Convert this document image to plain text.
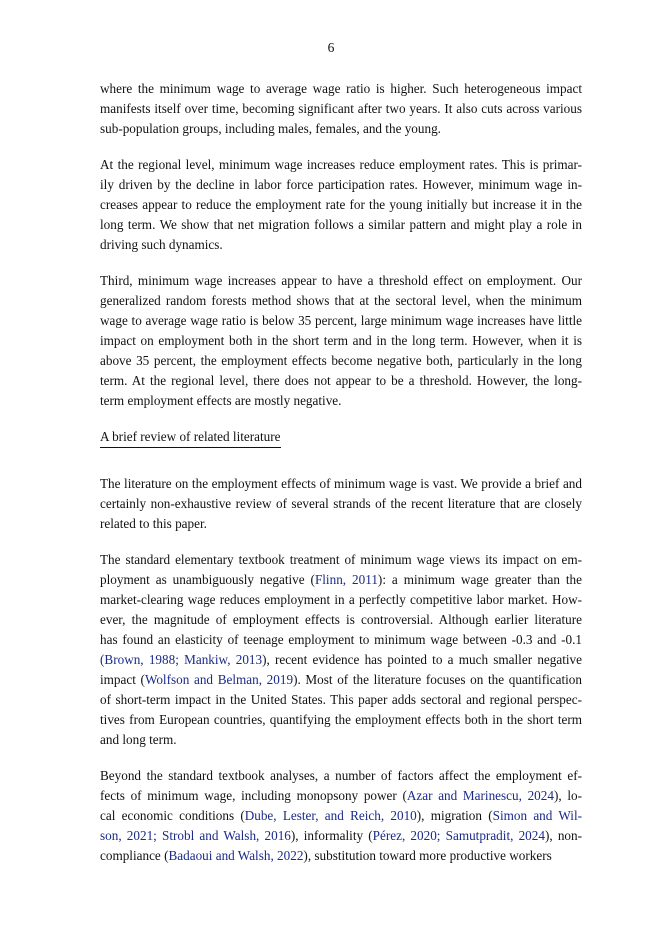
6
where the minimum wage to average wage ratio is higher. Such heterogeneous impact
manifests itself over time, becoming significant after two years. It also cuts across various
sub-population groups, including males, females, and the young.
At the regional level, minimum wage increases reduce employment rates. This is primar-
ily driven by the decline in labor force participation rates. However, minimum wage in-
creases appear to reduce the employment rate for the young initially but increase it in the
long term. We show that net migration follows a similar pattern and might play a role in
driving such dynamics.
Third, minimum wage increases appear to have a threshold effect on employment. Our
generalized random forests method shows that at the sectoral level, when the minimum
wage to average wage ratio is below 35 percent, large minimum wage increases have little
impact on employment both in the short term and in the long term. However, when it is
above 35 percent, the employment effects become negative both, particularly in the long
term. At the regional level, there does not appear to be a threshold. However, the long-
term employment effects are mostly negative.
A brief review of related literature
The literature on the employment effects of minimum wage is vast. We provide a brief and
certainly non-exhaustive review of several strands of the recent literature that are closely
related to this paper.
The standard elementary textbook treatment of minimum wage views its impact on em-
ployment as unambiguously negative (Flinn, 2011): a minimum wage greater than the
market-clearing wage reduces employment in a perfectly competitive labor market. How-
ever, the magnitude of employment effects is controversial. Although earlier literature
has found an elasticity of teenage employment to minimum wage between -0.3 and -0.1
(Brown, 1988; Mankiw, 2013), recent evidence has pointed to a much smaller negative
impact (Wolfson and Belman, 2019). Most of the literature focuses on the quantification
of short-term impact in the United States. This paper adds sectoral and regional perspec-
tives from European countries, quantifying the employment effects both in the short term
and long term.
Beyond the standard textbook analyses, a number of factors affect the employment ef-
fects of minimum wage, including monopsony power (Azar and Marinescu, 2024), lo-
cal economic conditions (Dube, Lester, and Reich, 2010), migration (Simon and Wil-
son, 2021; Strobl and Walsh, 2016), informality (Pérez, 2020; Samutpradit, 2024), non-
compliance (Badaoui and Walsh, 2022), substitution toward more productive workers
